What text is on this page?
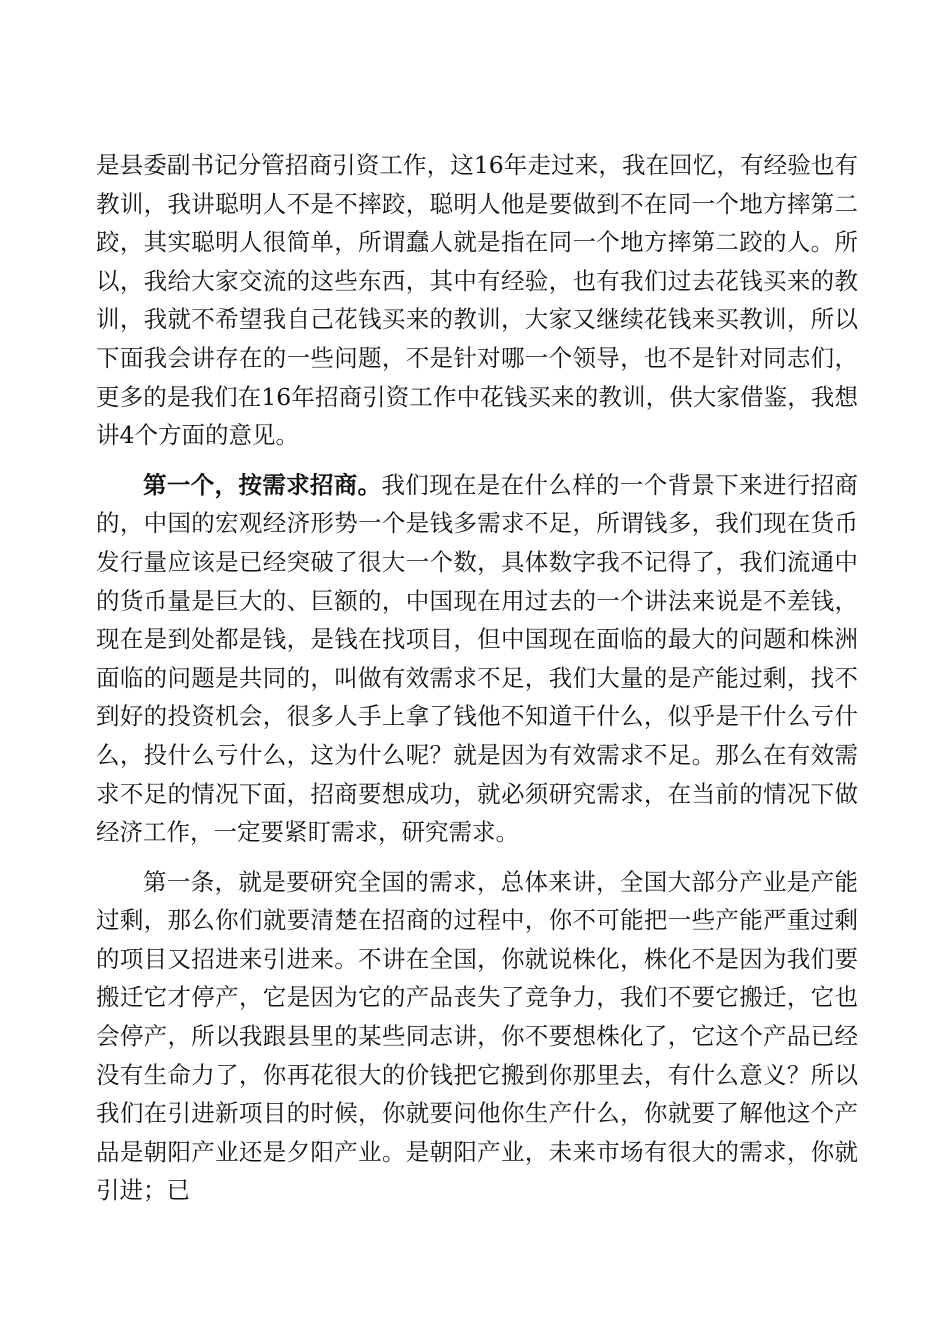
是县委副书记分管招商引资工作，这16年走过来，我在回忆，有经验也有教训，我讲聪明人不是不摔跤，聪明人他是要做到不在同一个地方摔第二跤，其实聪明人很简单，所谓蠢人就是指在同一个地方摔第二跤的人。所以，我给大家交流的这些东西，其中有经验，也有我们过去花钱买来的教训，我就不希望我自己花钱买来的教训，大家又继续花钱来买教训，所以下面我会讲存在的一些问题，不是针对哪一个领导，也不是针对同志们，更多的是我们在16年招商引资工作中花钱买来的教训，供大家借鉴，我想讲4个方面的意见。

第一个，按需求招商。我们现在是在什么样的一个背景下来进行招商的，中国的宏观经济形势一个是钱多需求不足，所谓钱多，我们现在货币发行量应该是已经突破了很大一个数，具体数字我不记得了，我们流通中的货币量是巨大的、巨额的，中国现在用过去的一个讲法来说是不差钱，现在是到处都是钱，是钱在找项目，但中国现在面临的最大的问题和株洲面临的问题是共同的，叫做有效需求不足，我们大量的是产能过剩，找不到好的投资机会，很多人手上拿了钱他不知道干什么，似乎是干什么亏什么，投什么亏什么，这为什么呢？就是因为有效需求不足。那么在有效需求不足的情况下面，招商要想成功，就必须研究需求，在当前的情况下做经济工作，一定要紧盯需求，研究需求。

第一条，就是要研究全国的需求，总体来讲，全国大部分产业是产能过剩，那么你们就要清楚在招商的过程中，你不可能把一些产能严重过剩的项目又招进来引进来。不讲在全国，你就说株化，株化不是因为我们要搬迁它才停产，它是因为它的产品丧失了竞争力，我们不要它搬迁，它也会停产，所以我跟县里的某些同志讲，你不要想株化了，它这个产品已经没有生命力了，你再花很大的价钱把它搬到你那里去，有什么意义？所以我们在引进新项目的时候，你就要问他你生产什么，你就要了解他这个产品是朝阳产业还是夕阳产业。是朝阳产业，未来市场有很大的需求，你就引进；已
